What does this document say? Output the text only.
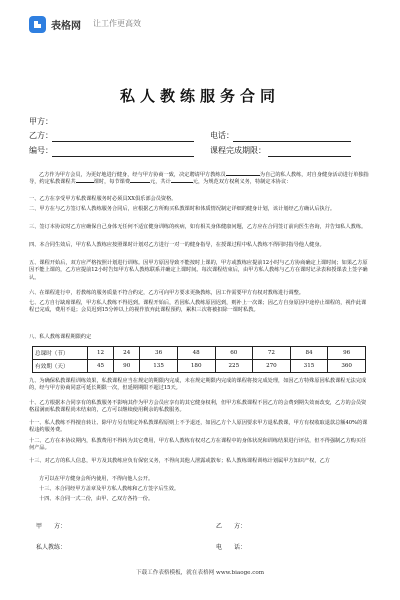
表格网 让工作更高效
私人教练服务合同
甲方：
乙方：	电话：
编号：	课程完成期限：

乙方作为甲方会员，为更好地进行健身，经与甲方协商一致，决定聘请甲方教练员	为自己的私人教练，对自身健身活动进行单独指导，约定私教课程共	课时，每节课费	元，共计	元，为规范双方权利义务，特制定本协议：

一、乙方在享受甲方私教课程服务时必须具XX俱乐部会员资格。

二、甲方在与乙方签订私人教练服务合同后，应根据乙方所购买私教课时和体质情况制定详细的健身计划，该计划经乙方确认后执行。

三、签订本协议时乙方应确保自己身体无任何不适宜健身训练的疾病，如有相关身体健康问题，乙方应在合同签订前向医生咨询，并告知私人教练。

四、本合同生效后，甲方私人教练应按照课时计划对乙方进行一对一的健身指导，在授课过程中私人教练不得同时指导他人健身。

五、课程开始后，双方应严格按照计划进行训练。因甲方原因导致不能按时上课的，甲方或教练应提前12小时与乙方协商确定上课时间；如果乙方原因不能上课的，乙方应提前12小时告知甲方私人教练联系并确定上课时间。每次课程结束后，由甲方私人教练与乙方在课时记录表和授课表上签字确认。

六、在课程进行中，若教练的服务质量不符合约定，乙方可向甲方要求更换教练，因工作需要甲方有权对教练进行调整。

七、乙方自行缺席课程，甲方私人教练不得迟到。课程开始后，若因私人教练原因迟到，则补上一次课；因乙方自身原因中途停止课程的，视作此课程已完成，费用不退；会员迟到15分钟以上的视作放弃此课程预约，累积三次将被扣除一课时私教。

八、私人教练课程期限约定

总课时（节）	12	24	36	48	60	72	84	96
有效期（天）	45	90	135	180	225	270	315	360

九、为确保私教课程训练效果，私教课程应当在规定的期限内完成，未在规定期限内完成的课程将按完成处理，如因乙方特殊原因私教课程无法完成的，经与甲方协商同意可延长期限一次，但延期期限不超过15天。

十、乙方根据本合同享有的私教服务不影响其作为甲方会员应享有的其它健身权利，但甲方私教课程不因乙方的会费到期失效而改变，乙方的会员资格届满而私教课程尚未结束的，乙方可以继续使用剩余的私教服务。

十一、私人教练不得擅自转让、除甲方另有规定外私教课程原则上不予退还，如因乙方个人原因要求甲方退私教课，甲方有权收取退款总额40%的课程违约服务费。

十二、乙方在本协议期内，私教费用不得转为其它费用，甲方私人教练有权对乙方在课程中的身体状况和训练结果进行评估，但不得强制乙方购买任何产品。

十三、对乙方的私人信息，甲方及其教练应负有保密义务，不得向其他人泄露或散布；私人教练课程训练计划属甲方知识产权，乙方

方可以在甲方健身会所内使用，不得向他人公开。

十三、本合同经甲方盖章及甲方私人教练和乙方签字后生效。

十四、本合同一式二份，由甲、乙双方各持一份。

甲　　方：	乙　　方：
私人教练：	电　　话：
下载工作表格模板，就在表格网 www.biaoge.com
